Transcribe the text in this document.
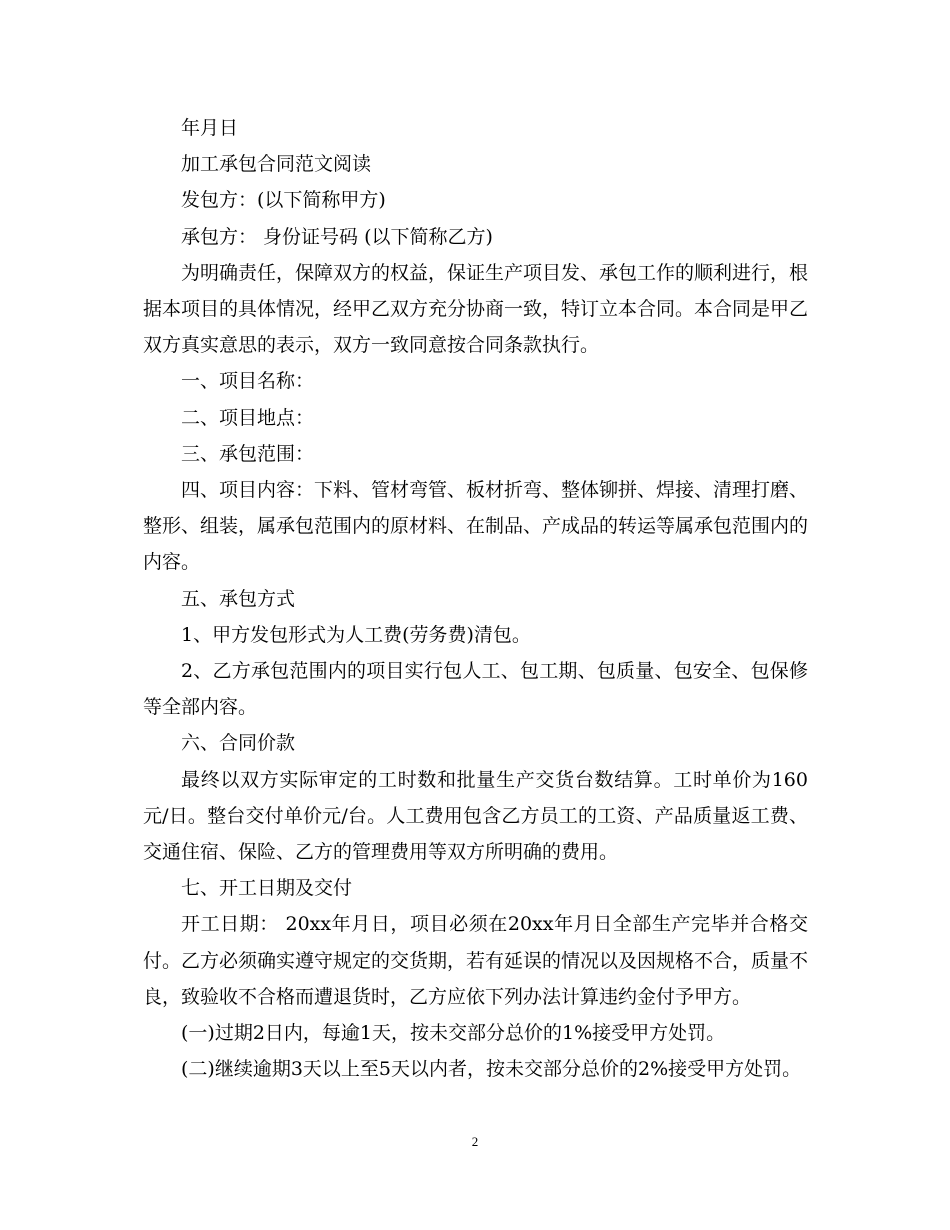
年月日

加工承包合同范文阅读

发包方：(以下简称甲方)

承包方： 身份证号码 (以下简称乙方)

为明确责任，保障双方的权益，保证生产项目发、承包工作的顺利进行，根据本项目的具体情况，经甲乙双方充分协商一致，特订立本合同。本合同是甲乙双方真实意思的表示，双方一致同意按合同条款执行。

一、项目名称：

二、项目地点：

三、承包范围：

四、项目内容：下料、管材弯管、板材折弯、整体铆拼、焊接、清理打磨、整形、组装，属承包范围内的原材料、在制品、产成品的转运等属承包范围内的内容。

五、承包方式

1、甲方发包形式为人工费(劳务费)清包。

2、乙方承包范围内的项目实行包人工、包工期、包质量、包安全、包保修等全部内容。

六、合同价款

最终以双方实际审定的工时数和批量生产交货台数结算。工时单价为160元/日。整台交付单价元/台。人工费用包含乙方员工的工资、产品质量返工费、交通住宿、保险、乙方的管理费用等双方所明确的费用。

七、开工日期及交付

开工日期： 20xx年月日，项目必须在20xx年月日全部生产完毕并合格交付。乙方必须确实遵守规定的交货期，若有延误的情况以及因规格不合，质量不良，致验收不合格而遭退货时，乙方应依下列办法计算违约金付予甲方。

(一)过期2日内，每逾1天，按未交部分总价的1%接受甲方处罚。

(二)继续逾期3天以上至5天以内者，按未交部分总价的2%接受甲方处罚。

2
